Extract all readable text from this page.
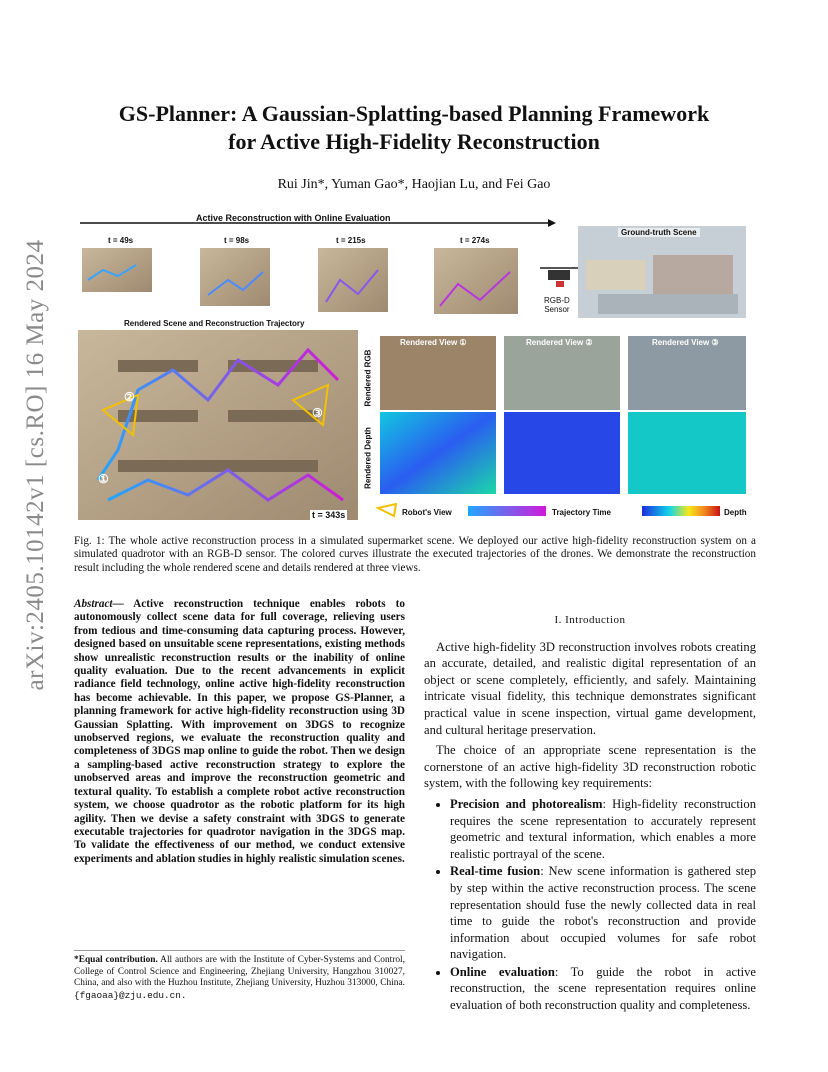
arXiv:2405.10142v1 [cs.RO] 16 May 2024
GS-Planner: A Gaussian-Splatting-based Planning Framework
for Active High-Fidelity Reconstruction
Rui Jin*, Yuman Gao*, Haojian Lu, and Fei Gao
Active Reconstruction with Online Evaluation
t = 49s	t = 98s	t = 215s	t = 274s
Ground-truth Scene
RGB-D
Sensor
Rendered Scene and Reconstruction Trajectory
t = 343s
①
②
③
Rendered View ①	Rendered View ②	Rendered View ③
Rendered RGB
Rendered Depth
Robot's View	Trajectory Time	Depth
Fig. 1: The whole active reconstruction process in a simulated supermarket scene. We deployed our active high-fidelity reconstruction system on a simulated quadrotor with an RGB-D sensor. The colored curves illustrate the executed trajectories of the drones. We demonstrate the reconstruction result including the whole rendered scene and details rendered at three views.
Abstract— Active reconstruction technique enables robots to autonomously collect scene data for full coverage, relieving users from tedious and time-consuming data capturing process. However, designed based on unsuitable scene representations, existing methods show unrealistic reconstruction results or the inability of online quality evaluation. Due to the recent advancements in explicit radiance field technology, online active high-fidelity reconstruction has become achievable. In this paper, we propose GS-Planner, a planning framework for active high-fidelity reconstruction using 3D Gaussian Splatting. With improvement on 3DGS to recognize unobserved regions, we evaluate the reconstruction quality and completeness of 3DGS map online to guide the robot. Then we design a sampling-based active reconstruction strategy to explore the unobserved areas and improve the reconstruction geometric and textural quality. To establish a complete robot active reconstruction system, we choose quadrotor as the robotic platform for its high agility. Then we devise a safety constraint with 3DGS to generate executable trajectories for quadrotor navigation in the 3DGS map. To validate the effectiveness of our method, we conduct extensive experiments and ablation studies in highly realistic simulation scenes.
*Equal contribution. All authors are with the Institute of Cyber-Systems and Control, College of Control Science and Engineering, Zhejiang University, Hangzhou 310027, China, and also with the Huzhou Institute, Zhejiang University, Huzhou 313000, China. {fgaoaa}@zju.edu.cn.
I. Introduction

Active high-fidelity 3D reconstruction involves robots creating an accurate, detailed, and realistic digital representation of an object or scene completely, efficiently, and safely. Maintaining intricate visual fidelity, this technique demonstrates significant practical value in scene inspection, virtual game development, and cultural heritage preservation.

The choice of an appropriate scene representation is the cornerstone of an active high-fidelity 3D reconstruction robotic system, with the following key requirements:

• Precision and photorealism: High-fidelity reconstruction requires the scene representation to accurately represent geometric and textural information, which enables a more realistic portrayal of the scene.
• Real-time fusion: New scene information is gathered step by step within the active reconstruction process. The scene representation should fuse the newly collected data in real time to guide the robot's reconstruction and provide information about occupied volumes for safe robot navigation.
• Online evaluation: To guide the robot in active reconstruction, the scene representation requires online evaluation of both reconstruction quality and completeness.
